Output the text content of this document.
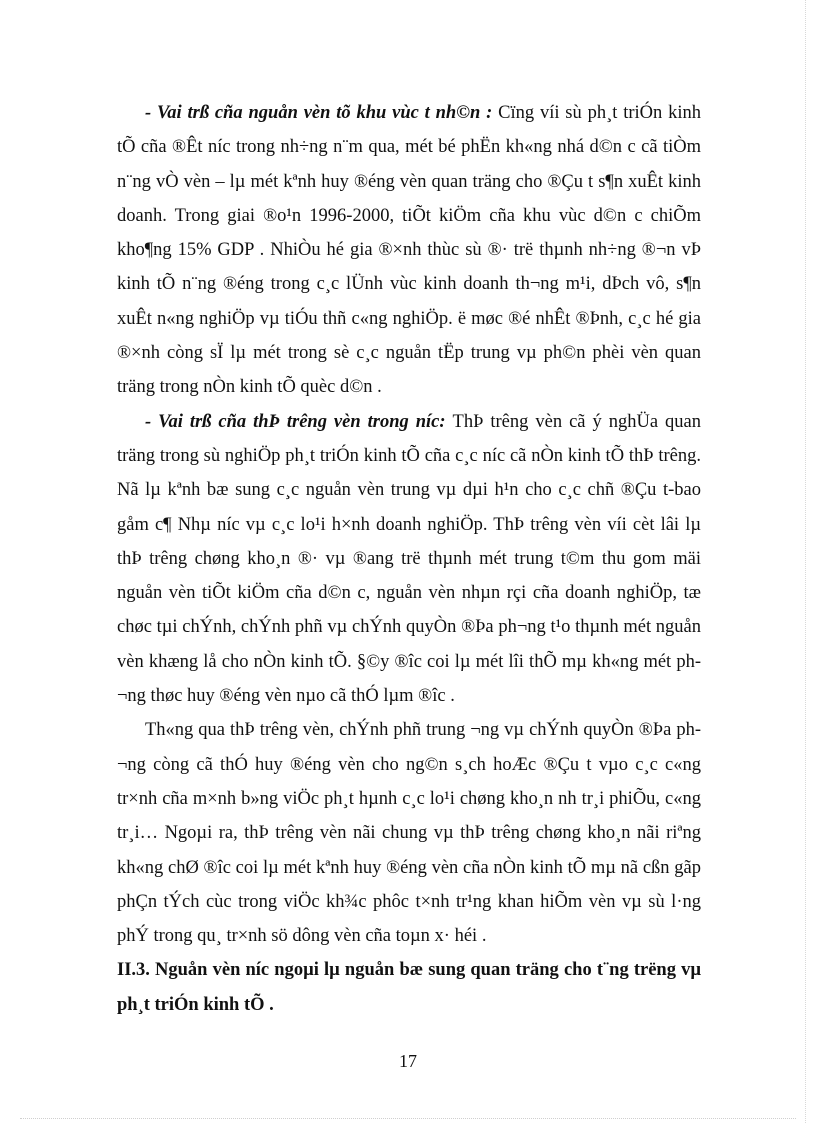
- Vai trß cña nguån vèn tõ khu vùc t nh©n : Cïng víi sù ph¸t triÓn kinh tÕ cña ®Êt níc trong nh÷ng n¨m qua, mét bé phËn kh«ng nhá d©n c cã tiÒm n¨ng vÒ vèn – lµ mét kªnh huy ®éng vèn quan träng cho ®Çu t s¶n xuÊt kinh doanh. Trong giai ®o¹n 1996-2000, tiÕt kiÖm cña khu vùc d©n c chiÕm kho¶ng 15% GDP . NhiÒu hé gia ®×nh thùc sù ®· trë thµnh nh÷ng ®¬n vÞ kinh tÕ n¨ng ®éng trong c¸c lÜnh vùc kinh doanh th¬ng m¹i, dÞch vô, s¶n xuÊt n«ng nghiÖp vµ tiÓu thñ c«ng nghiÖp. ë møc ®é nhÊt ®Þnh, c¸c hé gia ®×nh còng sÏ lµ mét trong sè c¸c nguån tËp trung vµ ph©n phèi vèn quan träng trong nÒn kinh tÕ quèc d©n .

- Vai trß cña thÞ trêng vèn trong níc: ThÞ trêng vèn cã ý nghÜa quan träng trong sù nghiÖp ph¸t triÓn kinh tÕ cña c¸c níc cã nÒn kinh tÕ thÞ trêng. Nã lµ kªnh bæ sung c¸c nguån vèn trung vµ dµi h¹n cho c¸c chñ ®Çu t-bao gåm c¶ Nhµ níc vµ c¸c lo¹i h×nh doanh nghiÖp. ThÞ trêng vèn víi cèt lâi lµ thÞ trêng chøng kho¸n ®· vµ ®ang trë thµnh mét trung t©m thu gom mäi nguån vèn tiÕt kiÖm cña d©n c, nguån vèn nhµn rçi cña doanh nghiÖp, tæ chøc tµi chÝnh, chÝnh phñ vµ chÝnh quyÒn ®Þa ph¬ng t¹o thµnh mét nguån vèn khæng lå cho nÒn kinh tÕ. §©y ®îc coi lµ mét lîi thÕ mµ kh«ng mét ph¬ng thøc huy ®éng vèn nµo cã thÓ lµm ®îc .

Th«ng qua thÞ trêng vèn, chÝnh phñ trung ¬ng vµ chÝnh quyÒn ®Þa ph¬ng còng cã thÓ huy ®éng vèn cho ng©n s¸ch hoÆc ®Çu t vµo c¸c c«ng tr×nh cña m×nh b»ng viÖc ph¸t hµnh c¸c lo¹i chøng kho¸n nh tr¸i phiÕu, c«ng tr¸i… Ngoµi ra, thÞ trêng vèn nãi chung vµ thÞ trêng chøng kho¸n nãi riªng kh«ng chØ ®îc coi lµ mét kªnh huy ®éng vèn cña nÒn kinh tÕ mµ nã cßn gãp phÇn tÝch cùc trong viÖc kh¾c phôc t×nh tr¹ng khan hiÕm vèn vµ sù l·ng phÝ trong qu¸ tr×nh sö dông vèn cña toµn x· héi .

II.3. Nguån vèn níc ngoµi lµ nguån bæ sung quan träng cho t¨ng trëng vµ ph¸t triÓn kinh tÕ .

17
